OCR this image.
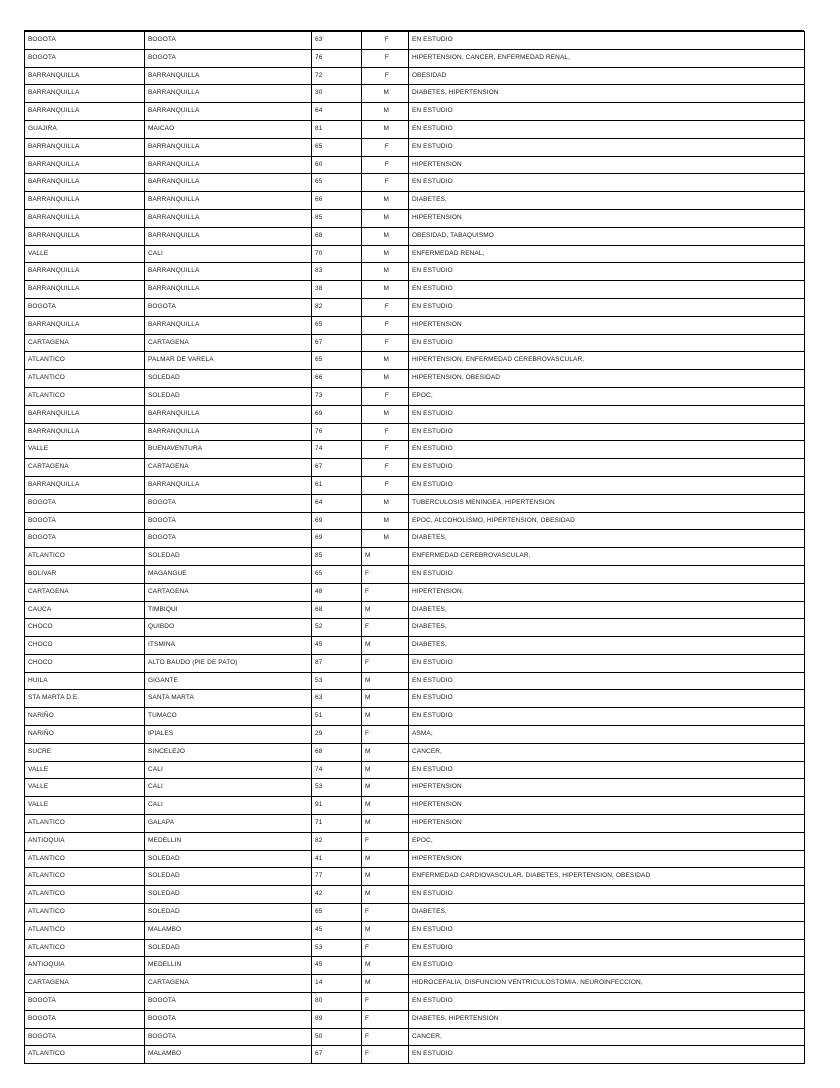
BOGOTA	BOGOTA	63	F	EN ESTUDIO
BOGOTA	BOGOTA	76	F	HIPERTENSION, CANCER, ENFERMEDAD RENAL,
BARRANQUILLA	BARRANQUILLA	72	F	OBESIDAD
BARRANQUILLA	BARRANQUILLA	30	M	DIABETES, HIPERTENSION
BARRANQUILLA	BARRANQUILLA	64	M	EN ESTUDIO
GUAJIRA	MAICAO	81	M	EN ESTUDIO
BARRANQUILLA	BARRANQUILLA	65	F	EN ESTUDIO
BARRANQUILLA	BARRANQUILLA	60	F	HIPERTENSION
BARRANQUILLA	BARRANQUILLA	65	F	EN ESTUDIO
BARRANQUILLA	BARRANQUILLA	66	M	DIABETES,
BARRANQUILLA	BARRANQUILLA	85	M	HIPERTENSION
BARRANQUILLA	BARRANQUILLA	68	M	OBESIDAD, TABAQUISMO
VALLE	CALI	70	M	ENFERMEDAD RENAL,
BARRANQUILLA	BARRANQUILLA	83	M	EN ESTUDIO
BARRANQUILLA	BARRANQUILLA	38	M	EN ESTUDIO
BOGOTA	BOGOTA	82	F	EN ESTUDIO
BARRANQUILLA	BARRANQUILLA	65	F	HIPERTENSION
CARTAGENA	CARTAGENA	67	F	EN ESTUDIO
ATLANTICO	PALMAR DE VARELA	65	M	HIPERTENSION, ENFERMEDAD CEREBROVASCULAR,
ATLANTICO	SOLEDAD	66	M	HIPERTENSION, OBESIDAD
ATLANTICO	SOLEDAD	73	F	EPOC,
BARRANQUILLA	BARRANQUILLA	69	M	EN ESTUDIO
BARRANQUILLA	BARRANQUILLA	76	F	EN ESTUDIO
VALLE	BUENAVENTURA	74	F	EN ESTUDIO
CARTAGENA	CARTAGENA	67	F	EN ESTUDIO
BARRANQUILLA	BARRANQUILLA	61	F	EN ESTUDIO
BOGOTA	BOGOTA	64	M	TUBERCULOSIS MENINGEA, HIPERTENSION
BOGOTA	BOGOTA	69	M	EPOC, ALCOHOLISMO, HIPERTENSION, OBESIDAD
BOGOTA	BOGOTA	69	M	DIABETES,
ATLANTICO	SOLEDAD	85	M	ENFERMEDAD CEREBROVASCULAR,
BOLIVAR	MAGANGUE	65	F	EN ESTUDIO
CARTAGENA	CARTAGENA	48	F	HIPERTENSION,
CAUCA	TIMBIQUI	68	M	DIABETES,
CHOCO	QUIBDO	52	F	DIABETES,
CHOCO	ITSMINA	45	M	DIABETES,
CHOCO	ALTO BAUDO (PIE DE PATO)	87	F	EN ESTUDIO
HUILA	GIGANTE	53	M	EN ESTUDIO
STA MARTA D.E.	SANTA MARTA	63	M	EN ESTUDIO
NARIÑO	TUMACO	51	M	EN ESTUDIO
NARIÑO	IPIALES	29	F	ASMA,
SUCRE	SINCELEJO	68	M	CANCER,
VALLE	CALI	74	M	EN ESTUDIO
VALLE	CALI	53	M	HIPERTENSION
VALLE	CALI	91	M	HIPERTENSION
ATLANTICO	GALAPA	71	M	HIPERTENSION
ANTIOQUIA	MEDELLIN	82	F	EPOC,
ATLANTICO	SOLEDAD	41	M	HIPERTENSION
ATLANTICO	SOLEDAD	77	M	ENFERMEDAD CARDIOVASCULAR, DIABETES, HIPERTENSION, OBESIDAD
ATLANTICO	SOLEDAD	42	M	EN ESTUDIO
ATLANTICO	SOLEDAD	65	F	DIABETES,
ATLANTICO	MALAMBO	45	M	EN ESTUDIO
ATLANTICO	SOLEDAD	53	F	EN ESTUDIO
ANTIOQUIA	MEDELLIN	45	M	EN ESTUDIO
CARTAGENA	CARTAGENA	14	M	HIDROCEFALIA, DISFUNCION VENTRICULOSTOMIA, NEUROINFECCION,
BOGOTA	BOGOTA	80	F	EN ESTUDIO
BOGOTA	BOGOTA	89	F	DIABETES, HIPERTENSION
BOGOTA	BOGOTA	50	F	CANCER,
ATLANTICO	MALAMBO	67	F	EN ESTUDIO
